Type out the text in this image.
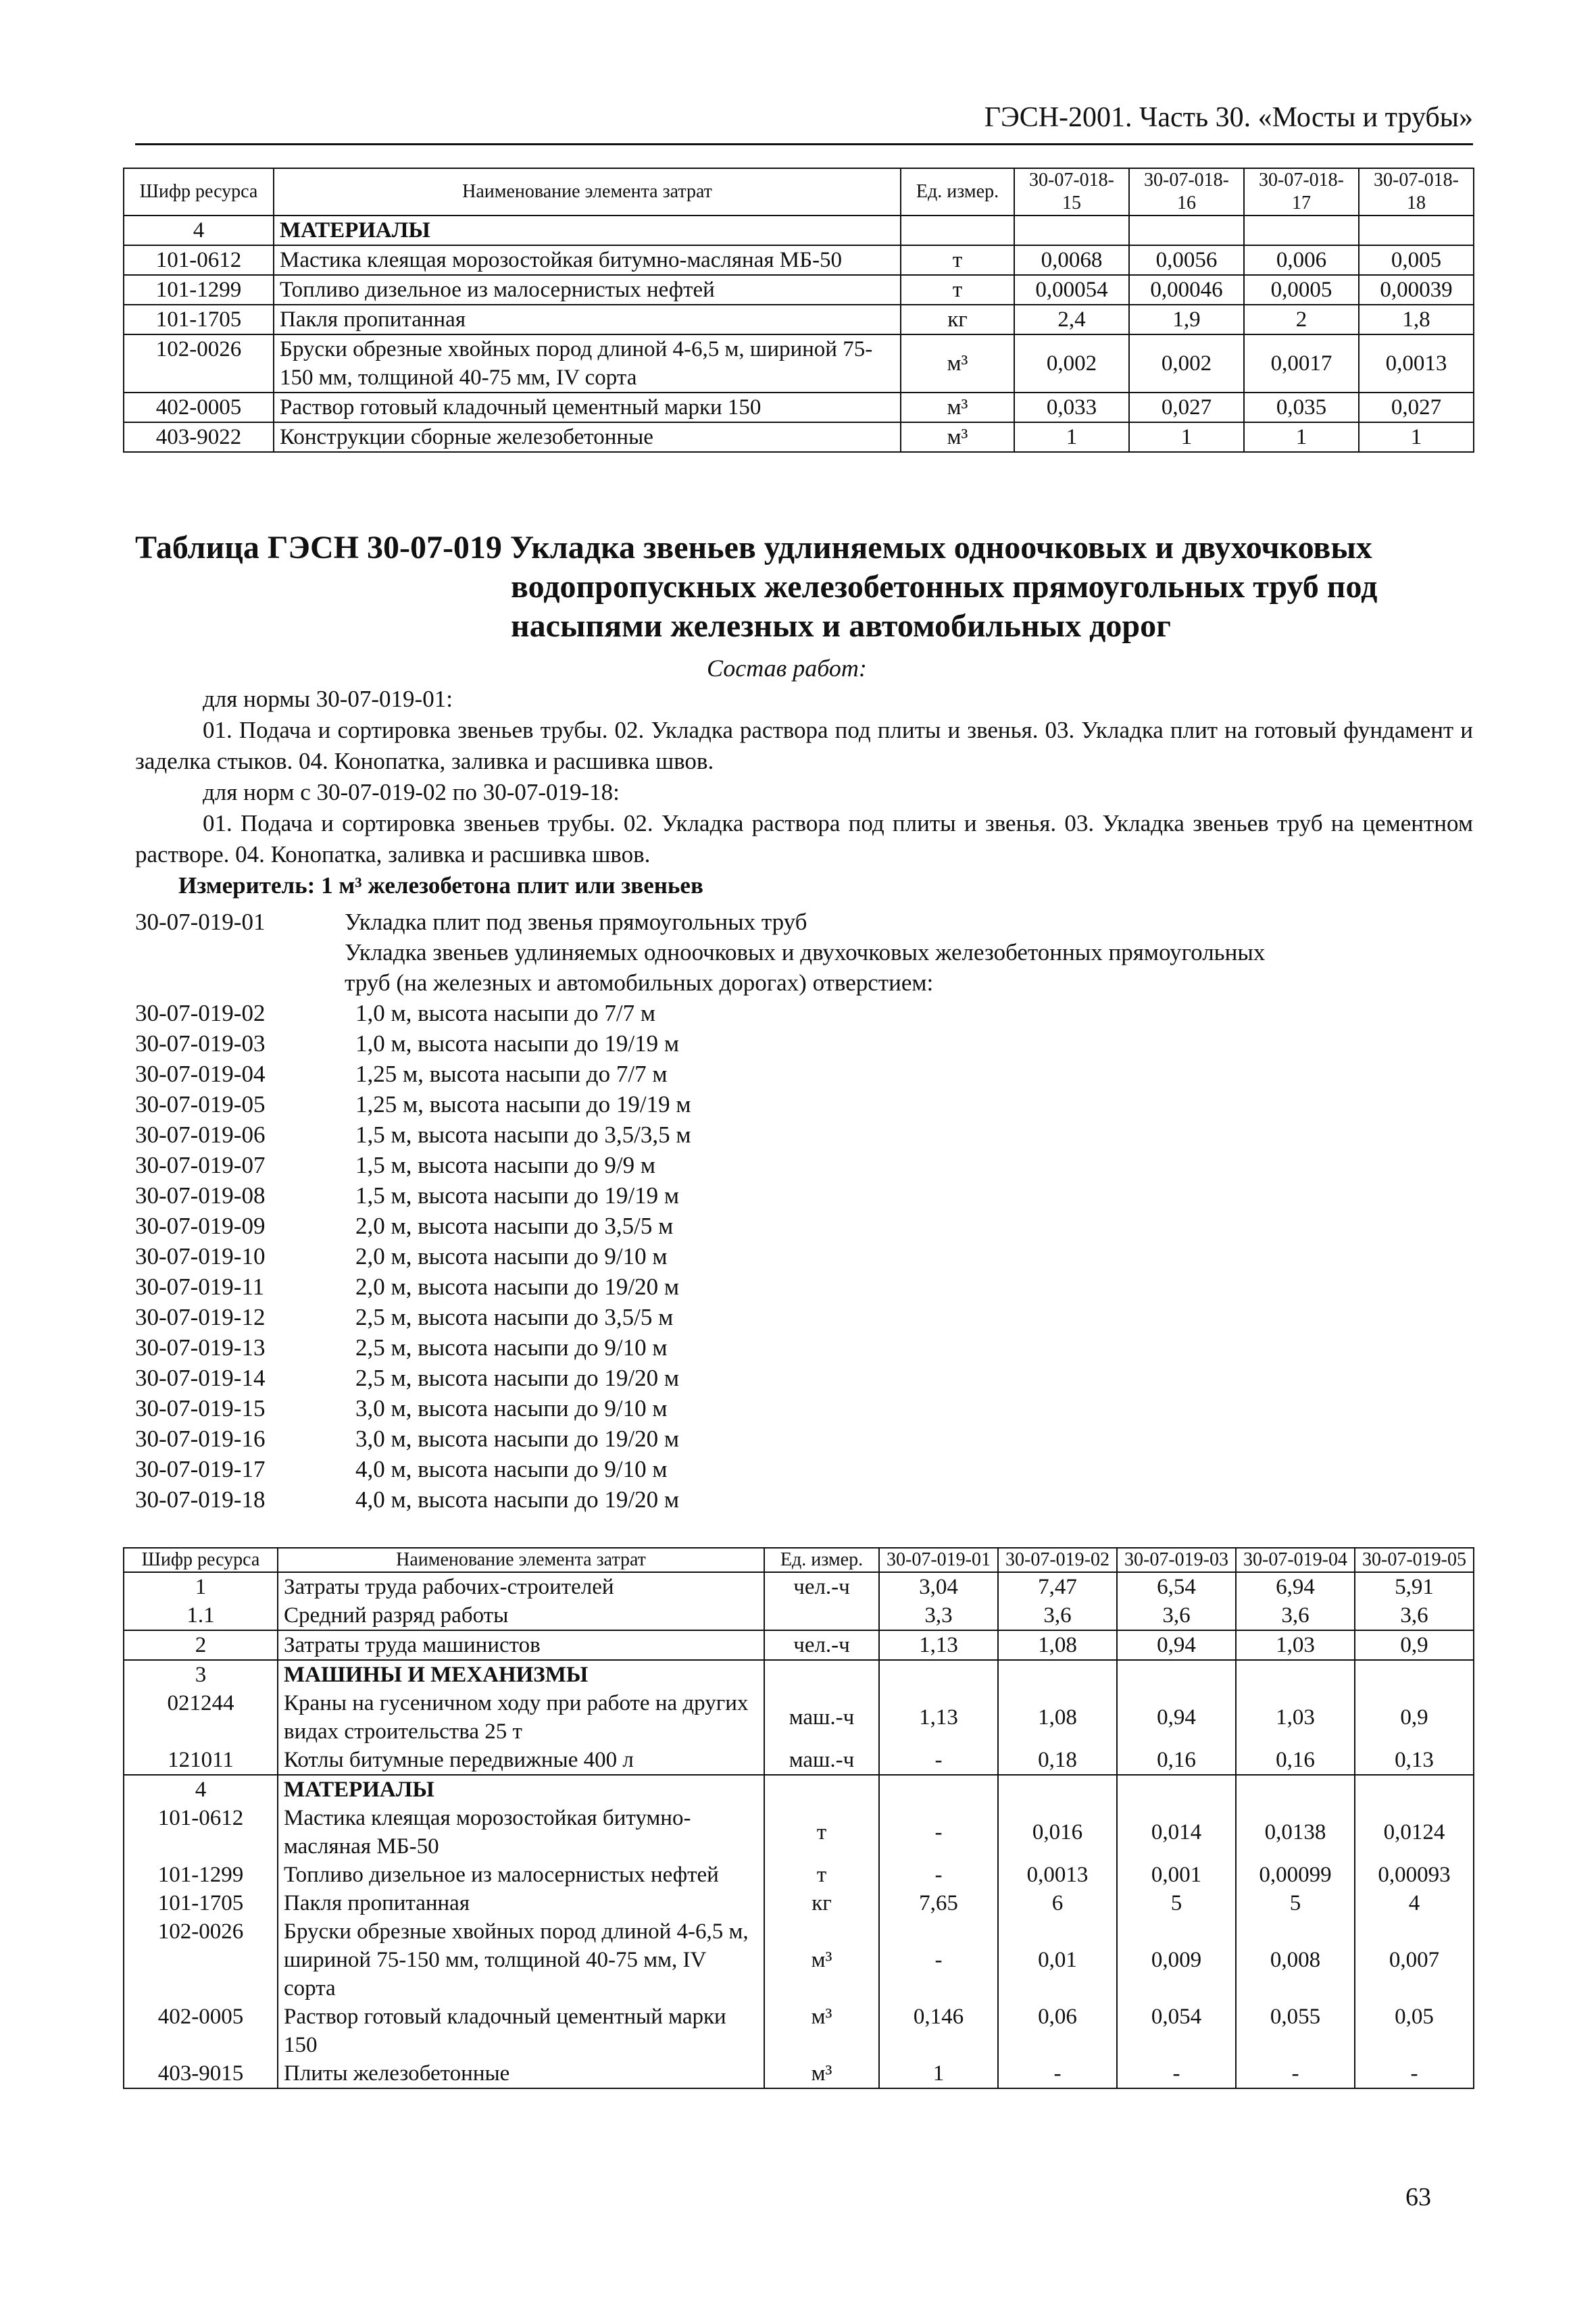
ГЭСН-2001. Часть 30. «Мосты и трубы»
Шифр ресурса	Наименование элемента затрат	Ед. измер.	30-07-018-15	30-07-018-16	30-07-018-17	30-07-018-18
4	МАТЕРИАЛЫ					
101-0612	Мастика клеящая морозостойкая битумно-масляная МБ-50	т	0,0068	0,0056	0,006	0,005
101-1299	Топливо дизельное из малосернистых нефтей	т	0,00054	0,00046	0,0005	0,00039
101-1705	Пакля пропитанная	кг	2,4	1,9	2	1,8
102-0026	Бруски обрезные хвойных пород длиной 4-6,5 м, шириной 75-150 мм, толщиной 40-75 мм, IV сорта	м³	0,002	0,002	0,0017	0,0013
402-0005	Раствор готовый кладочный цементный марки 150	м³	0,033	0,027	0,035	0,027
403-9022	Конструкции сборные железобетонные	м³	1	1	1	1
Таблица ГЭСН 30-07-019 Укладка звеньев удлиняемых одноочковых и двухочковых
водопропускных железобетонных прямоугольных труб под
насыпями железных и автомобильных дорог
Состав работ:

для нормы 30-07-019-01:

01. Подача и сортировка звеньев трубы. 02. Укладка раствора под плиты и звенья. 03. Укладка плит на готовый фундамент и заделка стыков. 04. Конопатка, заливка и расшивка швов.

для норм с 30-07-019-02 по 30-07-019-18:

01. Подача и сортировка звеньев трубы. 02. Укладка раствора под плиты и звенья. 03. Укладка звеньев труб на цементном растворе. 04. Конопатка, заливка и расшивка швов.

Измеритель: 1 м³ железобетона плит или звеньев

30-07-019-01	Укладка плит под звенья прямоугольных труб
Укладка звеньев удлиняемых одноочковых и двухочковых железобетонных прямоугольных
труб (на железных и автомобильных дорогах) отверстием:
30-07-019-02	1,0 м, высота насыпи до 7/7 м
30-07-019-03	1,0 м, высота насыпи до 19/19 м
30-07-019-04	1,25 м, высота насыпи до 7/7 м
30-07-019-05	1,25 м, высота насыпи до 19/19 м
30-07-019-06	1,5 м, высота насыпи до 3,5/3,5 м
30-07-019-07	1,5 м, высота насыпи до 9/9 м
30-07-019-08	1,5 м, высота насыпи до 19/19 м
30-07-019-09	2,0 м, высота насыпи до 3,5/5 м
30-07-019-10	2,0 м, высота насыпи до 9/10 м
30-07-019-11	2,0 м, высота насыпи до 19/20 м
30-07-019-12	2,5 м, высота насыпи до 3,5/5 м
30-07-019-13	2,5 м, высота насыпи до 9/10 м
30-07-019-14	2,5 м, высота насыпи до 19/20 м
30-07-019-15	3,0 м, высота насыпи до 9/10 м
30-07-019-16	3,0 м, высота насыпи до 19/20 м
30-07-019-17	4,0 м, высота насыпи до 9/10 м
30-07-019-18	4,0 м, высота насыпи до 19/20 м
Шифр ресурса	Наименование элемента затрат	Ед. измер.	30-07-019-01	30-07-019-02	30-07-019-03	30-07-019-04	30-07-019-05
1	Затраты труда рабочих-строителей	чел.-ч	3,04	7,47	6,54	6,94	5,91
1.1	Средний разряд работы		3,3	3,6	3,6	3,6	3,6
2	Затраты труда машинистов	чел.-ч	1,13	1,08	0,94	1,03	0,9
3	МАШИНЫ И МЕХАНИЗМЫ						
021244	Краны на гусеничном ходу при работе на других видах строительства 25 т	маш.-ч	1,13	1,08	0,94	1,03	0,9
121011	Котлы битумные передвижные 400 л	маш.-ч	-	0,18	0,16	0,16	0,13
4	МАТЕРИАЛЫ						
101-0612	Мастика клеящая морозостойкая битумно-масляная МБ-50	т	-	0,016	0,014	0,0138	0,0124
101-1299	Топливо дизельное из малосернистых нефтей	т	-	0,0013	0,001	0,00099	0,00093
101-1705	Пакля пропитанная	кг	7,65	6	5	5	4
102-0026	Бруски обрезные хвойных пород длиной 4-6,5 м, шириной 75-150 мм, толщиной 40-75 мм, IV сорта	м³	-	0,01	0,009	0,008	0,007
402-0005	Раствор готовый кладочный цементный марки 150	м³	0,146	0,06	0,054	0,055	0,05
403-9015	Плиты железобетонные	м³	1	-	-	-	-
63
